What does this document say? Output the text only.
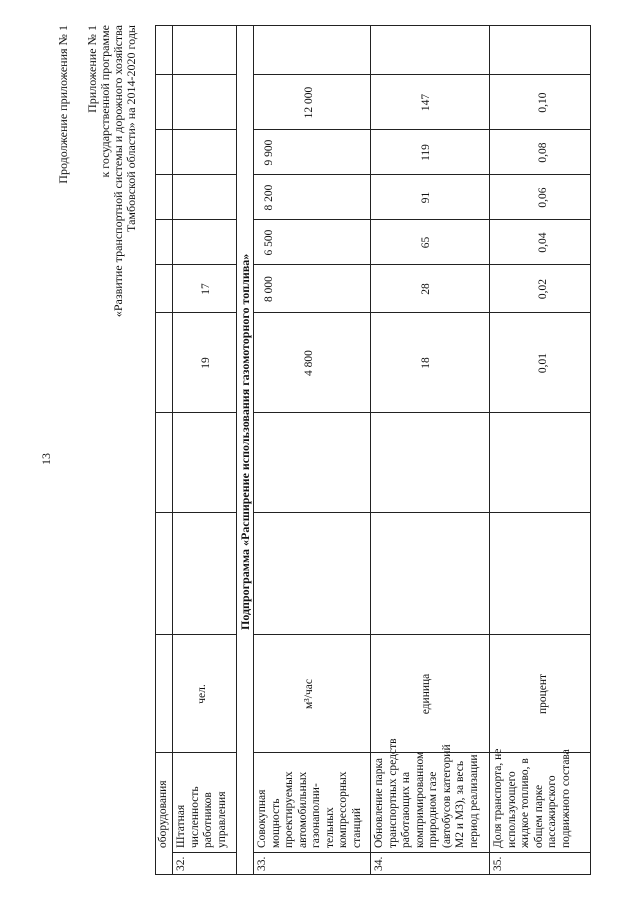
13
Продолжение приложения № 1 Приложение № 1 к государственной программе «Развитие транспортной системы и дорожного хозяйства Тамбовской области» на 2014-2020 годы
оборудования
32.
Штатная численность работников управления
чел.
19
17 Подпрограмма «Расширение использования газомоторного топлива»
33.
Совокупная мощность проектируемых автомобильных газонаполни- тельных компрессорных станций
м³/час
4 800
8 000
6 500
8 200
9 900
12 000
34.
Обновление парка транспортных средств работающих на компримированном природном газе (автобусов категорий М2 и М3), за весь период реализации
единица
18
28
65
91
119
147
35.
Доля транспорта, не использующего жидкое топливо, в общем парке пассажирского подвижного состава
процент
0,01
0,02
0,04
0,06
0,08
0,10
